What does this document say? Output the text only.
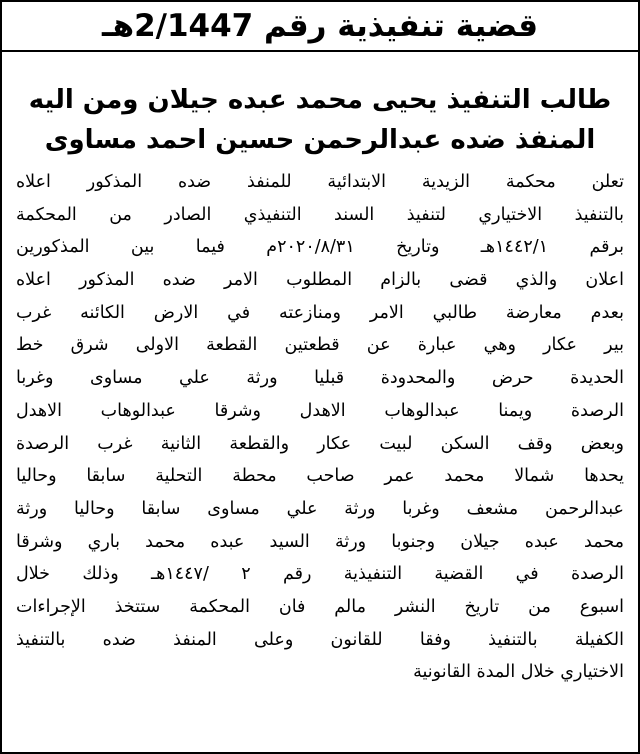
قضية تنفيذية رقم 2/1447هـ
طالب التنفيذ يحيى محمد عبده جيلان ومن اليه
المنفذ ضده عبدالرحمن حسين احمد مساوى
تعلن محكمة الزيدية الابتدائية للمنفذ ضده المذكور اعلاه
بالتنفيذ الاختياري لتنفيذ السند التنفيذي الصادر من المحكمة
برقم ١٤٤٢/١هـ وتاريخ ٢٠٢٠/٨/٣١م فيما بين المذكورين
اعلان والذي قضى بالزام المطلوب الامر ضده المذكور اعلاه
بعدم معارضة طالبي الامر ومنازعته في الارض الكائنه غرب
بير عكار وهي عبارة عن قطعتين القطعة الاولى شرق خط
الحديدة حرض والمحدودة قبليا ورثة علي مساوى وغربا
الرصدة ويمنا عبدالوهاب الاهدل وشرقا عبدالوهاب الاهدل
وبعض وقف السكن لبيت عكار والقطعة الثانية غرب الرصدة
يحدها شمالا محمد عمر صاحب محطة التحلية سابقا وحاليا
عبدالرحمن مشعف وغربا ورثة علي مساوى سابقا وحاليا ورثة
محمد عبده جيلان وجنوبا ورثة السيد عبده محمد باري وشرقا
الرصدة في القضية التنفيذية رقم ٢ /١٤٤٧هـ وذلك خلال
اسبوع من تاريخ النشر مالم فان المحكمة ستتخذ الإجراءات
الكفيلة بالتنفيذ وفقا للقانون وعلى المنفذ ضده بالتنفيذ
الاختياري خلال المدة القانونية
